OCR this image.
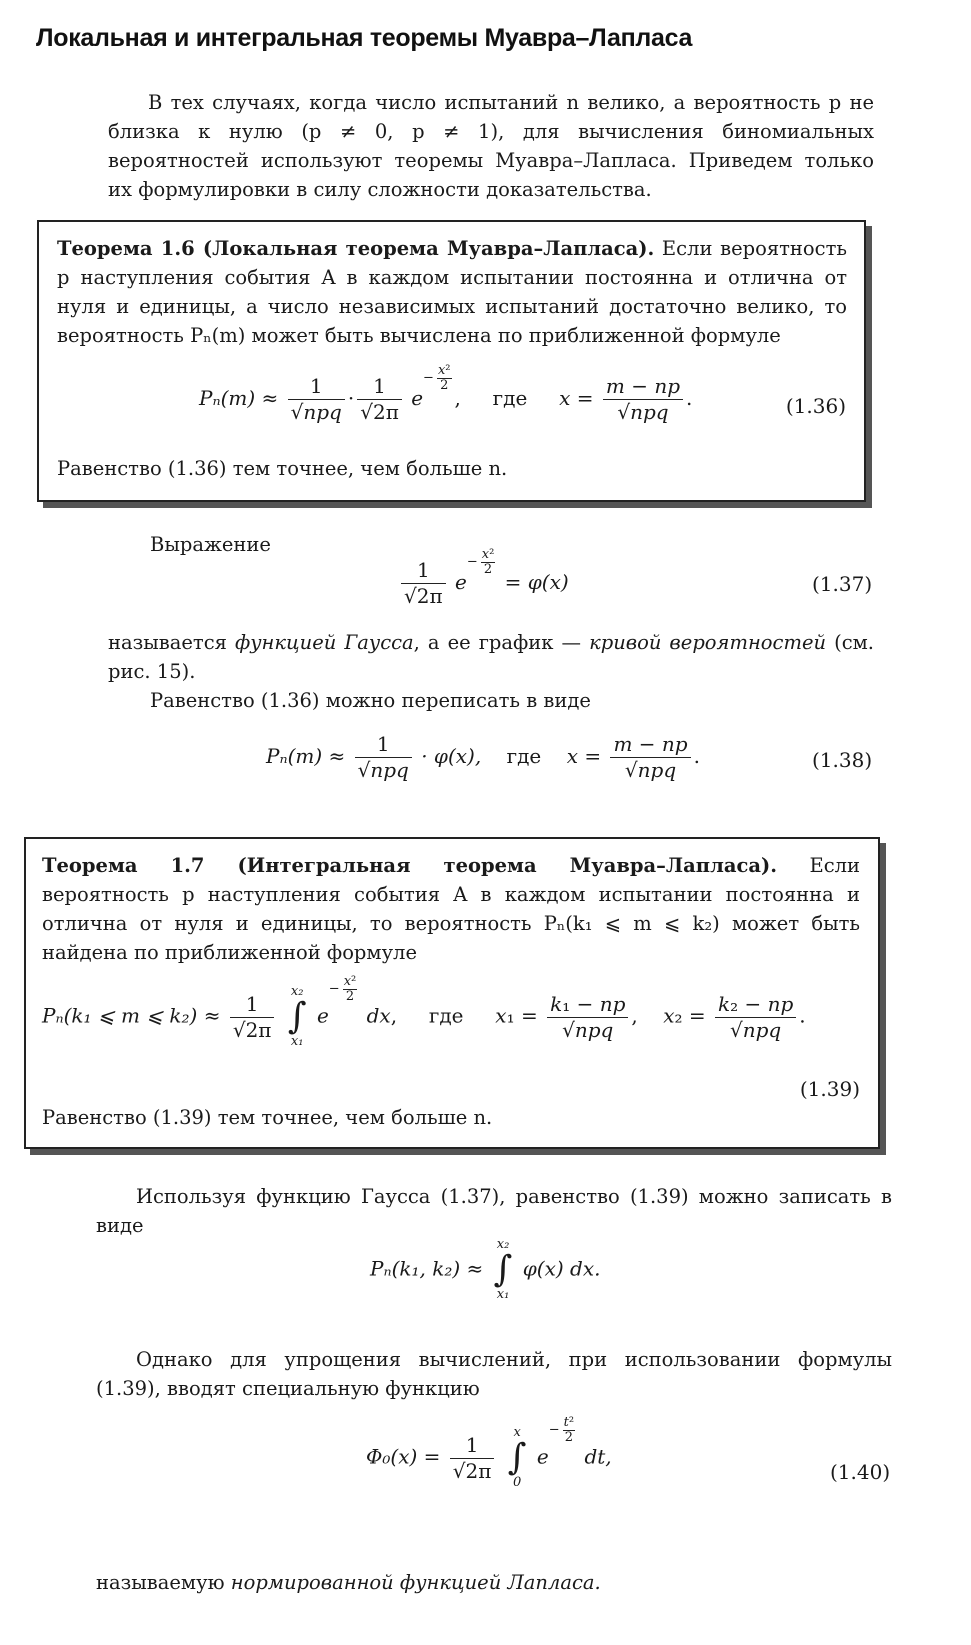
Локальная и интегральная теоремы Муавра–Лапласа
В тех случаях, когда число испытаний n велико, а вероятность p не близка к нулю (p ≠ 0, p ≠ 1), для вычисления биномиальных вероятностей используют теоремы Муавра–Лапласа. Приведем только их формулировки в силу сложности доказательства.
Теорема 1.6 (Локальная теорема Муавра–Лапласа). Если вероятность p наступления события A в каждом испытании постоянна и отлична от нуля и единицы, а число независимых испытаний достаточно велико, то вероятность Pₙ(m) может быть вычислена по приближенной формуле
$P_n(m) \approx \frac{1}{\text{√npq}} \cdot \frac{1}{√2\pi} e- \frac{\text{x²}}{2}$
,     где $x = \frac{m - np}{\text{√npq}}$ .	(1.36)
Равенство (1.36) тем точнее, чем больше n.
Выражение
$\frac{1}{√2\pi} e- \frac{\text{x²}}{2}$
= φ(x)	(1.37)
называется функцией Гаусса, а ее график — кривой вероятностей (см. рис. 15).
Равенство (1.36) можно переписать в виде
$P_n(m) \approx \frac{1}{\text{√npq}} \cdot \varphi(x)$, где $x = \frac{m - np}{\text{√npq}}$ .	(1.38)
Теорема 1.7 (Интегральная теорема Муавра–Лапласа). Если вероятность p наступления события A в каждом испытании постоянна и отлична от нуля и единицы, то вероятность Pₙ(k₁ ⩽ m ⩽ k₂) может быть найдена по приближенной формуле
Pₙ(k₁ ⩽ m ⩽ $k_2) \approx \frac{1}{√2\pi}$
x₂
∫
x₁
$e- \frac{\text{x²}}{2}$
dx,     где $x_1 = \frac{\text{k₁ − np}}{\text{√npq}}$ ,    $x_2 = \frac{\text{k₂ − np}}{\text{√npq}}$ .
(1.39)
Равенство (1.39) тем точнее, чем больше n.
Используя функцию Гаусса (1.37), равенство (1.39) можно записать в виде
Pₙ(k₁, k₂) ≈
x₂
∫
x₁
φ(x) dx.
Однако для упрощения вычислений, при использовании формулы (1.39), вводят специальную функцию
$\Phi_0(x) = \frac{1}{√2\pi}$
	x
∫
0
$e- \frac{\text{t²}}{2}$
dt,
(1.40)
называемую нормированной функцией Лапласа.
